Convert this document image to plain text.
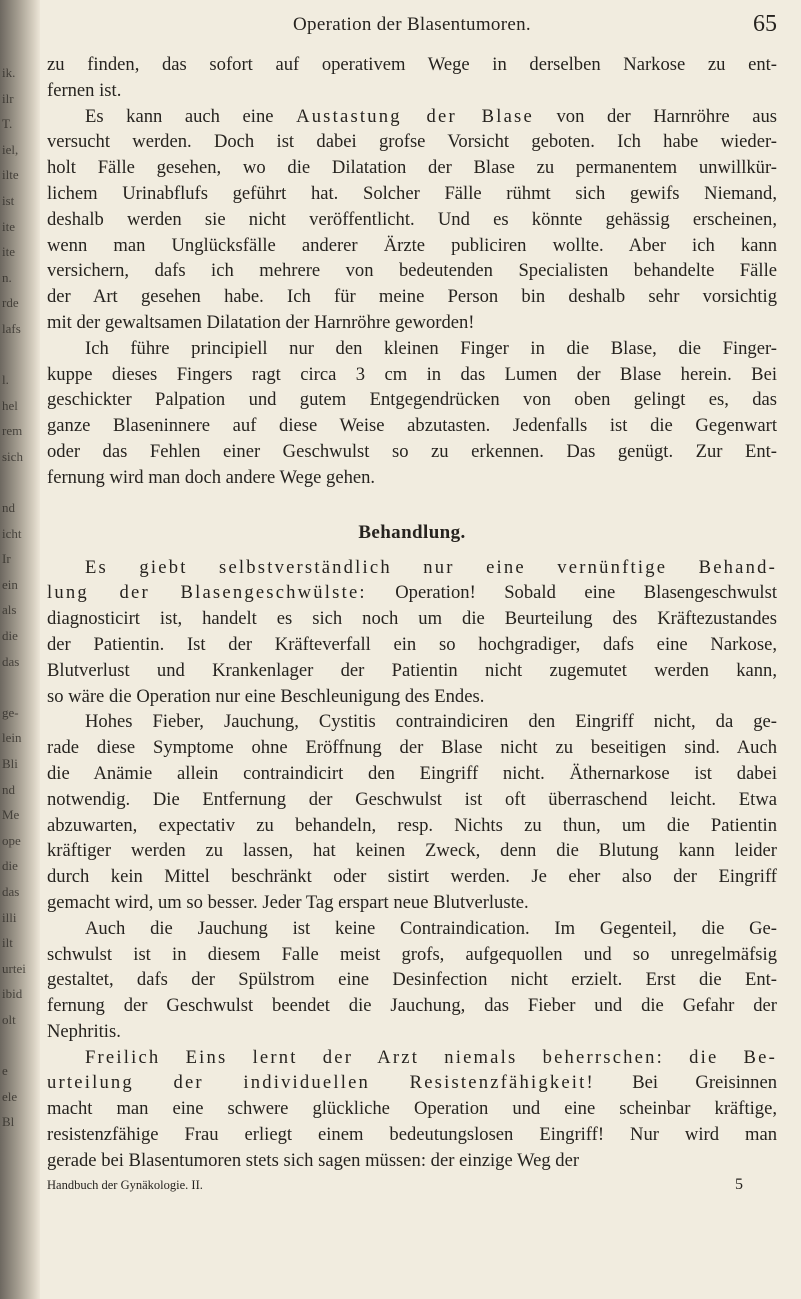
ik.
ilr
T.
iel,
ilte
ist
ite
ite
n.
rde
lafs

l.
hel
rem
sich

nd
icht
Ir
ein
als
die
das

ge-
lein
Bli
nd
Me
ope
die
das
illi
ilt
urtei
ibid
olt

e
ele
Bl
Operation der Blasentumoren.	65
zu finden, das sofort auf operativem Wege in derselben Narkose zu ent-
fernen ist.
Es kann auch eine Austastung der Blase von der Harnröhre aus
versucht werden. Doch ist dabei grofse Vorsicht geboten. Ich habe wieder-
holt Fälle gesehen, wo die Dilatation der Blase zu permanentem unwillkür-
lichem Urinabflufs geführt hat. Solcher Fälle rühmt sich gewifs Niemand,
deshalb werden sie nicht veröffentlicht. Und es könnte gehässig erscheinen,
wenn man Unglücksfälle anderer Ärzte publiciren wollte. Aber ich kann
versichern, dafs ich mehrere von bedeutenden Specialisten behandelte Fälle
der Art gesehen habe. Ich für meine Person bin deshalb sehr vorsichtig
mit der gewaltsamen Dilatation der Harnröhre geworden!
Ich führe principiell nur den kleinen Finger in die Blase, die Finger-
kuppe dieses Fingers ragt circa 3 cm in das Lumen der Blase herein. Bei
geschickter Palpation und gutem Entgegendrücken von oben gelingt es, das
ganze Blaseninnere auf diese Weise abzutasten. Jedenfalls ist die Gegenwart
oder das Fehlen einer Geschwulst so zu erkennen. Das genügt. Zur Ent-
fernung wird man doch andere Wege gehen.
Behandlung.
Es giebt selbstverständlich nur eine vernünftige Behand-
lung der Blasengeschwülste: Operation! Sobald eine Blasengeschwulst
diagnosticirt ist, handelt es sich noch um die Beurteilung des Kräftezustandes
der Patientin. Ist der Kräfteverfall ein so hochgradiger, dafs eine Narkose,
Blutverlust und Krankenlager der Patientin nicht zugemutet werden kann,
so wäre die Operation nur eine Beschleunigung des Endes.
Hohes Fieber, Jauchung, Cystitis contraindiciren den Eingriff nicht, da ge-
rade diese Symptome ohne Eröffnung der Blase nicht zu beseitigen sind. Auch
die Anämie allein contraindicirt den Eingriff nicht. Äthernarkose ist dabei
notwendig. Die Entfernung der Geschwulst ist oft überraschend leicht. Etwa
abzuwarten, expectativ zu behandeln, resp. Nichts zu thun, um die Patientin
kräftiger werden zu lassen, hat keinen Zweck, denn die Blutung kann leider
durch kein Mittel beschränkt oder sistirt werden. Je eher also der Eingriff
gemacht wird, um so besser. Jeder Tag erspart neue Blutverluste.
Auch die Jauchung ist keine Contraindication. Im Gegenteil, die Ge-
schwulst ist in diesem Falle meist grofs, aufgequollen und so unregelmäfsig
gestaltet, dafs der Spülstrom eine Desinfection nicht erzielt. Erst die Ent-
fernung der Geschwulst beendet die Jauchung, das Fieber und die Gefahr der
Nephritis.
Freilich Eins lernt der Arzt niemals beherrschen: die Be-
urteilung der individuellen Resistenzfähigkeit! Bei Greisinnen
macht man eine schwere glückliche Operation und eine scheinbar kräftige,
resistenzfähige Frau erliegt einem bedeutungslosen Eingriff! Nur wird man
gerade bei Blasentumoren stets sich sagen müssen: der einzige Weg der
Handbuch der Gynäkologie. II.	5
